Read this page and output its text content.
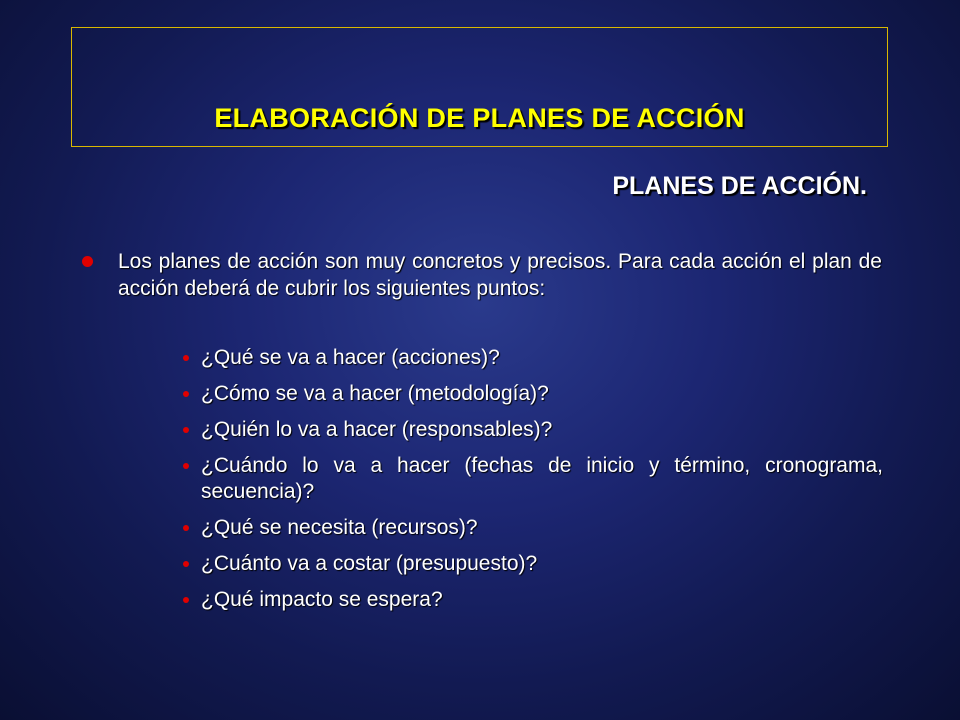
ELABORACIÓN DE PLANES DE ACCIÓN
PLANES DE ACCIÓN.
Los planes de acción son muy concretos y precisos. Para cada acción el plan de acción deberá de cubrir los siguientes puntos:
¿Qué se va a hacer (acciones)?
¿Cómo se va a hacer (metodología)?
¿Quién lo va a hacer (responsables)?
¿Cuándo lo va a hacer (fechas de inicio y término, cronograma, secuencia)?
¿Qué se necesita (recursos)?
¿Cuánto va a costar (presupuesto)?
¿Qué impacto se espera?
